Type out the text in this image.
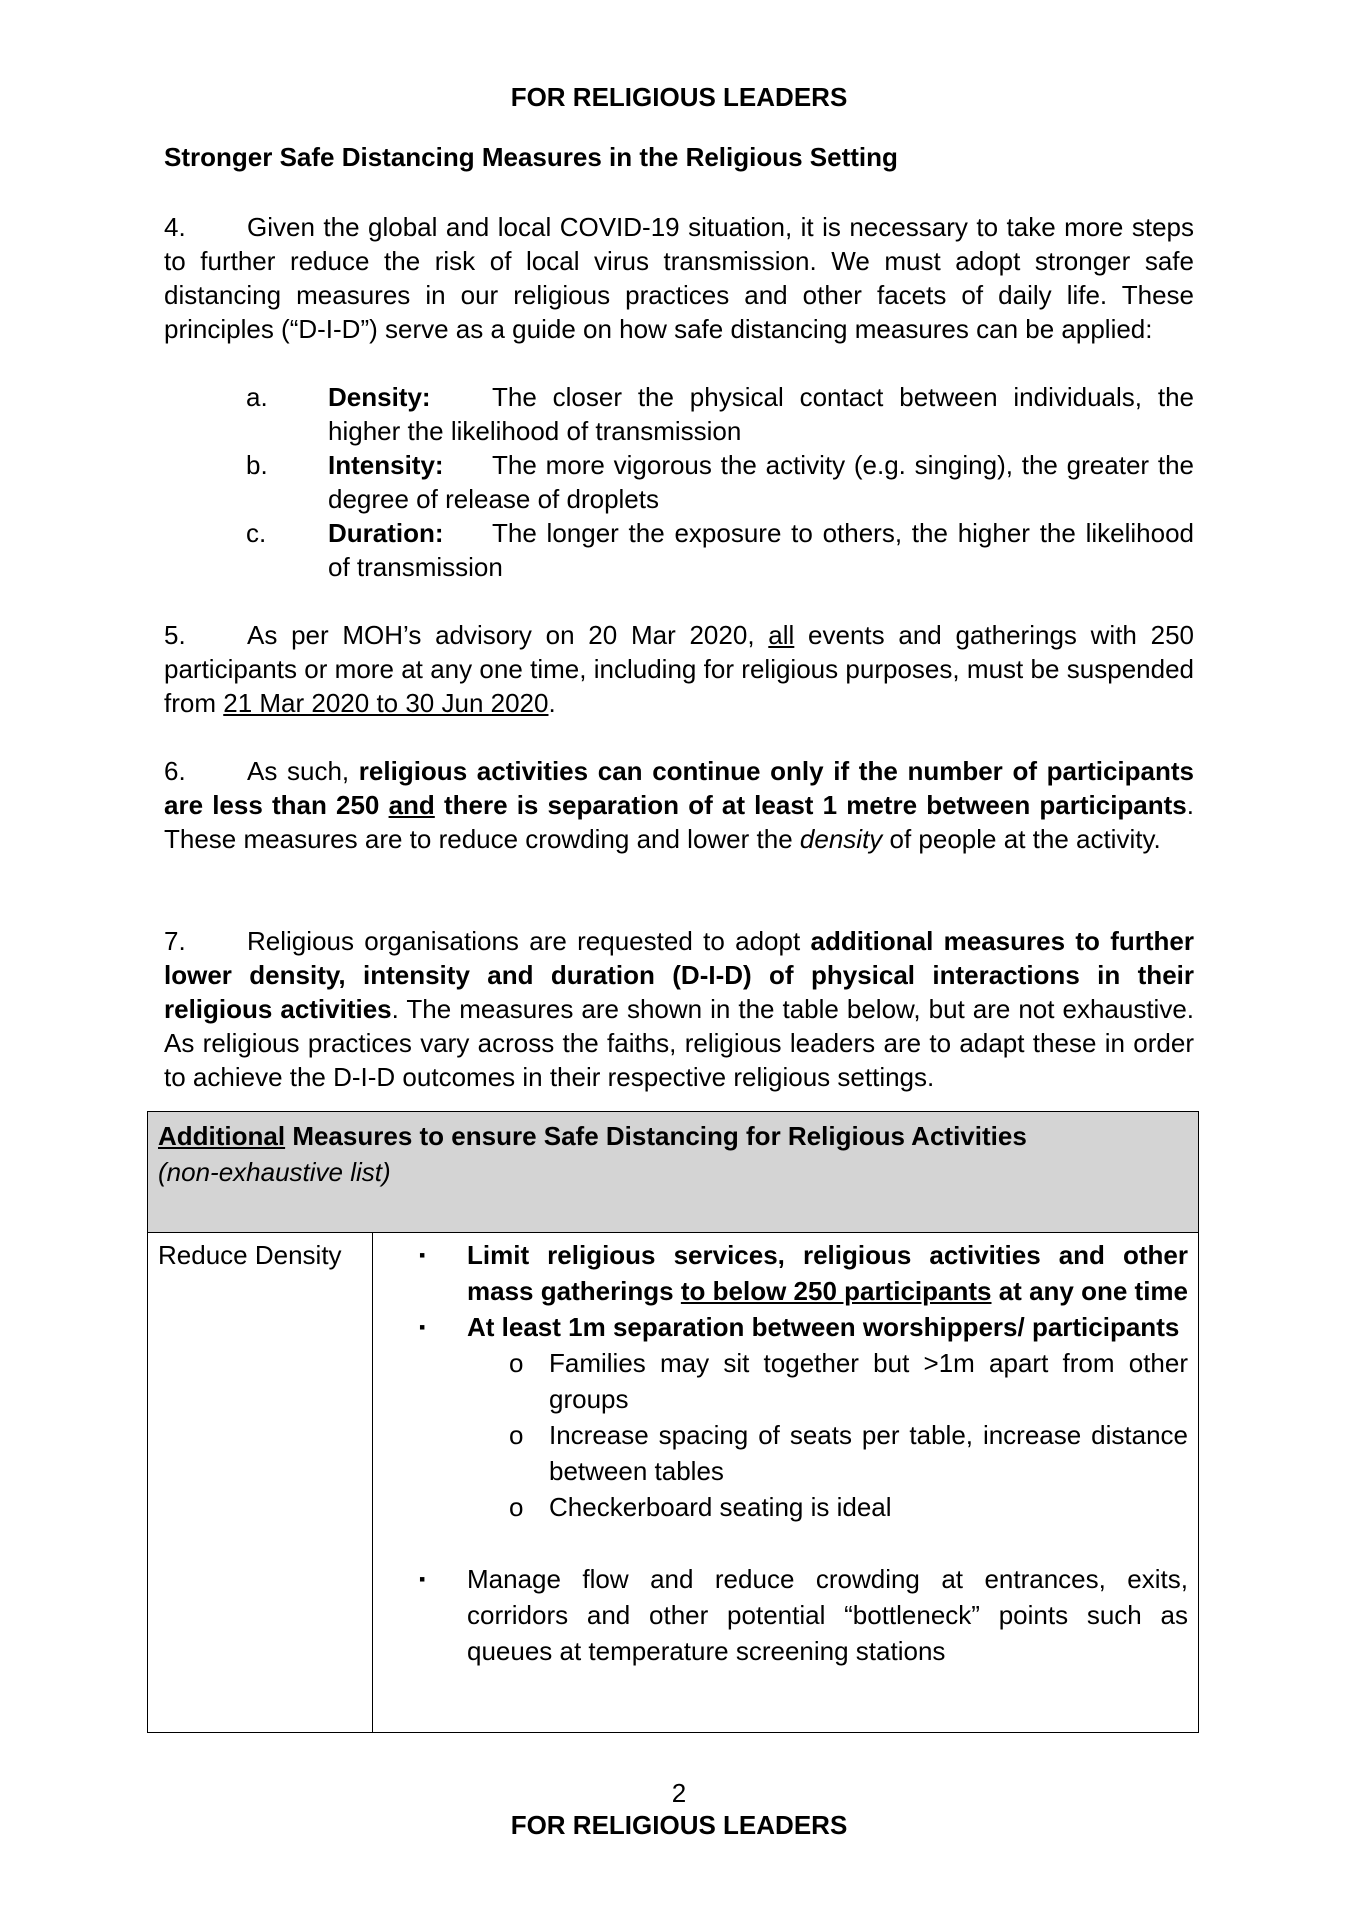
FOR RELIGIOUS LEADERS
Stronger Safe Distancing Measures in the Religious Setting
4. Given the global and local COVID-19 situation, it is necessary to take more steps to further reduce the risk of local virus transmission. We must adopt stronger safe distancing measures in our religious practices and other facets of daily life. These principles (“D-I-D”) serve as a guide on how safe distancing measures can be applied:
a. Density: The closer the physical contact between individuals, the higher the likelihood of transmission
b. Intensity: The more vigorous the activity (e.g. singing), the greater the degree of release of droplets
c. Duration: The longer the exposure to others, the higher the likelihood of transmission
5. As per MOH’s advisory on 20 Mar 2020, all events and gatherings with 250 participants or more at any one time, including for religious purposes, must be suspended from 21 Mar 2020 to 30 Jun 2020.
6. As such, religious activities can continue only if the number of participants are less than 250 and there is separation of at least 1 metre between participants. These measures are to reduce crowding and lower the density of people at the activity.
7. Religious organisations are requested to adopt additional measures to further lower density, intensity and duration (D-I-D) of physical interactions in their religious activities. The measures are shown in the table below, but are not exhaustive. As religious practices vary across the faiths, religious leaders are to adapt these in order to achieve the D-I-D outcomes in their respective religious settings.
Additional Measures to ensure Safe Distancing for Religious Activities
(non-exhaustive list)

Reduce Density	▪ Limit religious services, religious activities and other mass gatherings to below 250 participants at any one time
▪ At least 1m separation between worshippers/ participants
o Families may sit together but >1m apart from other groups
o Increase spacing of seats per table, increase distance between tables
o Checkerboard seating is ideal
▪ Manage flow and reduce crowding at entrances, exits, corridors and other potential “bottleneck” points such as queues at temperature screening stations
2
FOR RELIGIOUS LEADERS
